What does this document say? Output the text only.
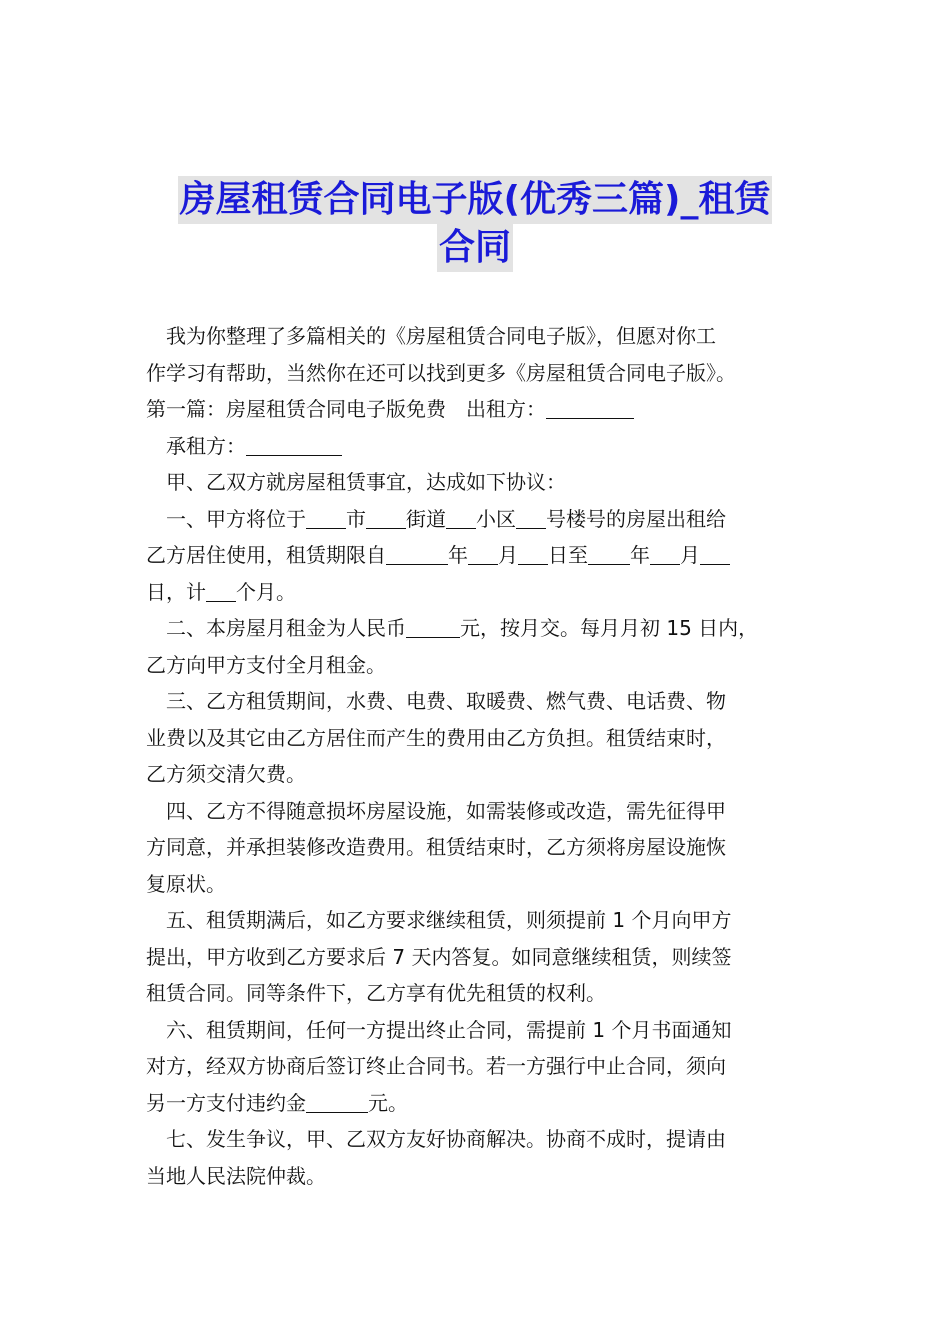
房屋租赁合同电子版(优秀三篇)_租赁
合同

我为你整理了多篇相关的《房屋租赁合同电子版》，但愿对你工

作学习有帮助，当然你在还可以找到更多《房屋租赁合同电子版》。

第一篇：房屋租赁合同电子版免费　出租方：

承租方：

甲、乙双方就房屋租赁事宜，达成如下协议：

一、甲方将位于 市 街道 小区 号楼号的房屋出租给

乙方居住使用，租赁期限自	年 月 日至 年 月

日，计 个月。

二、本房屋月租金为人民币	元，按月交。每月月初 15 日内，

乙方向甲方支付全月租金。

三、乙方租赁期间，水费、电费、取暖费、燃气费、电话费、物

业费以及其它由乙方居住而产生的费用由乙方负担。租赁结束时，

乙方须交清欠费。

四、乙方不得随意损坏房屋设施，如需装修或改造，需先征得甲

方同意，并承担装修改造费用。租赁结束时，乙方须将房屋设施恢

复原状。

五、租赁期满后，如乙方要求继续租赁，则须提前 1 个月向甲方

提出，甲方收到乙方要求后 7 天内答复。如同意继续租赁，则续签

租赁合同。同等条件下，乙方享有优先租赁的权利。

六、租赁期间，任何一方提出终止合同，需提前 1 个月书面通知

对方，经双方协商后签订终止合同书。若一方强行中止合同，须向

另一方支付违约金	元。

七、发生争议，甲、乙双方友好协商解决。协商不成时，提请由

当地人民法院仲裁。
